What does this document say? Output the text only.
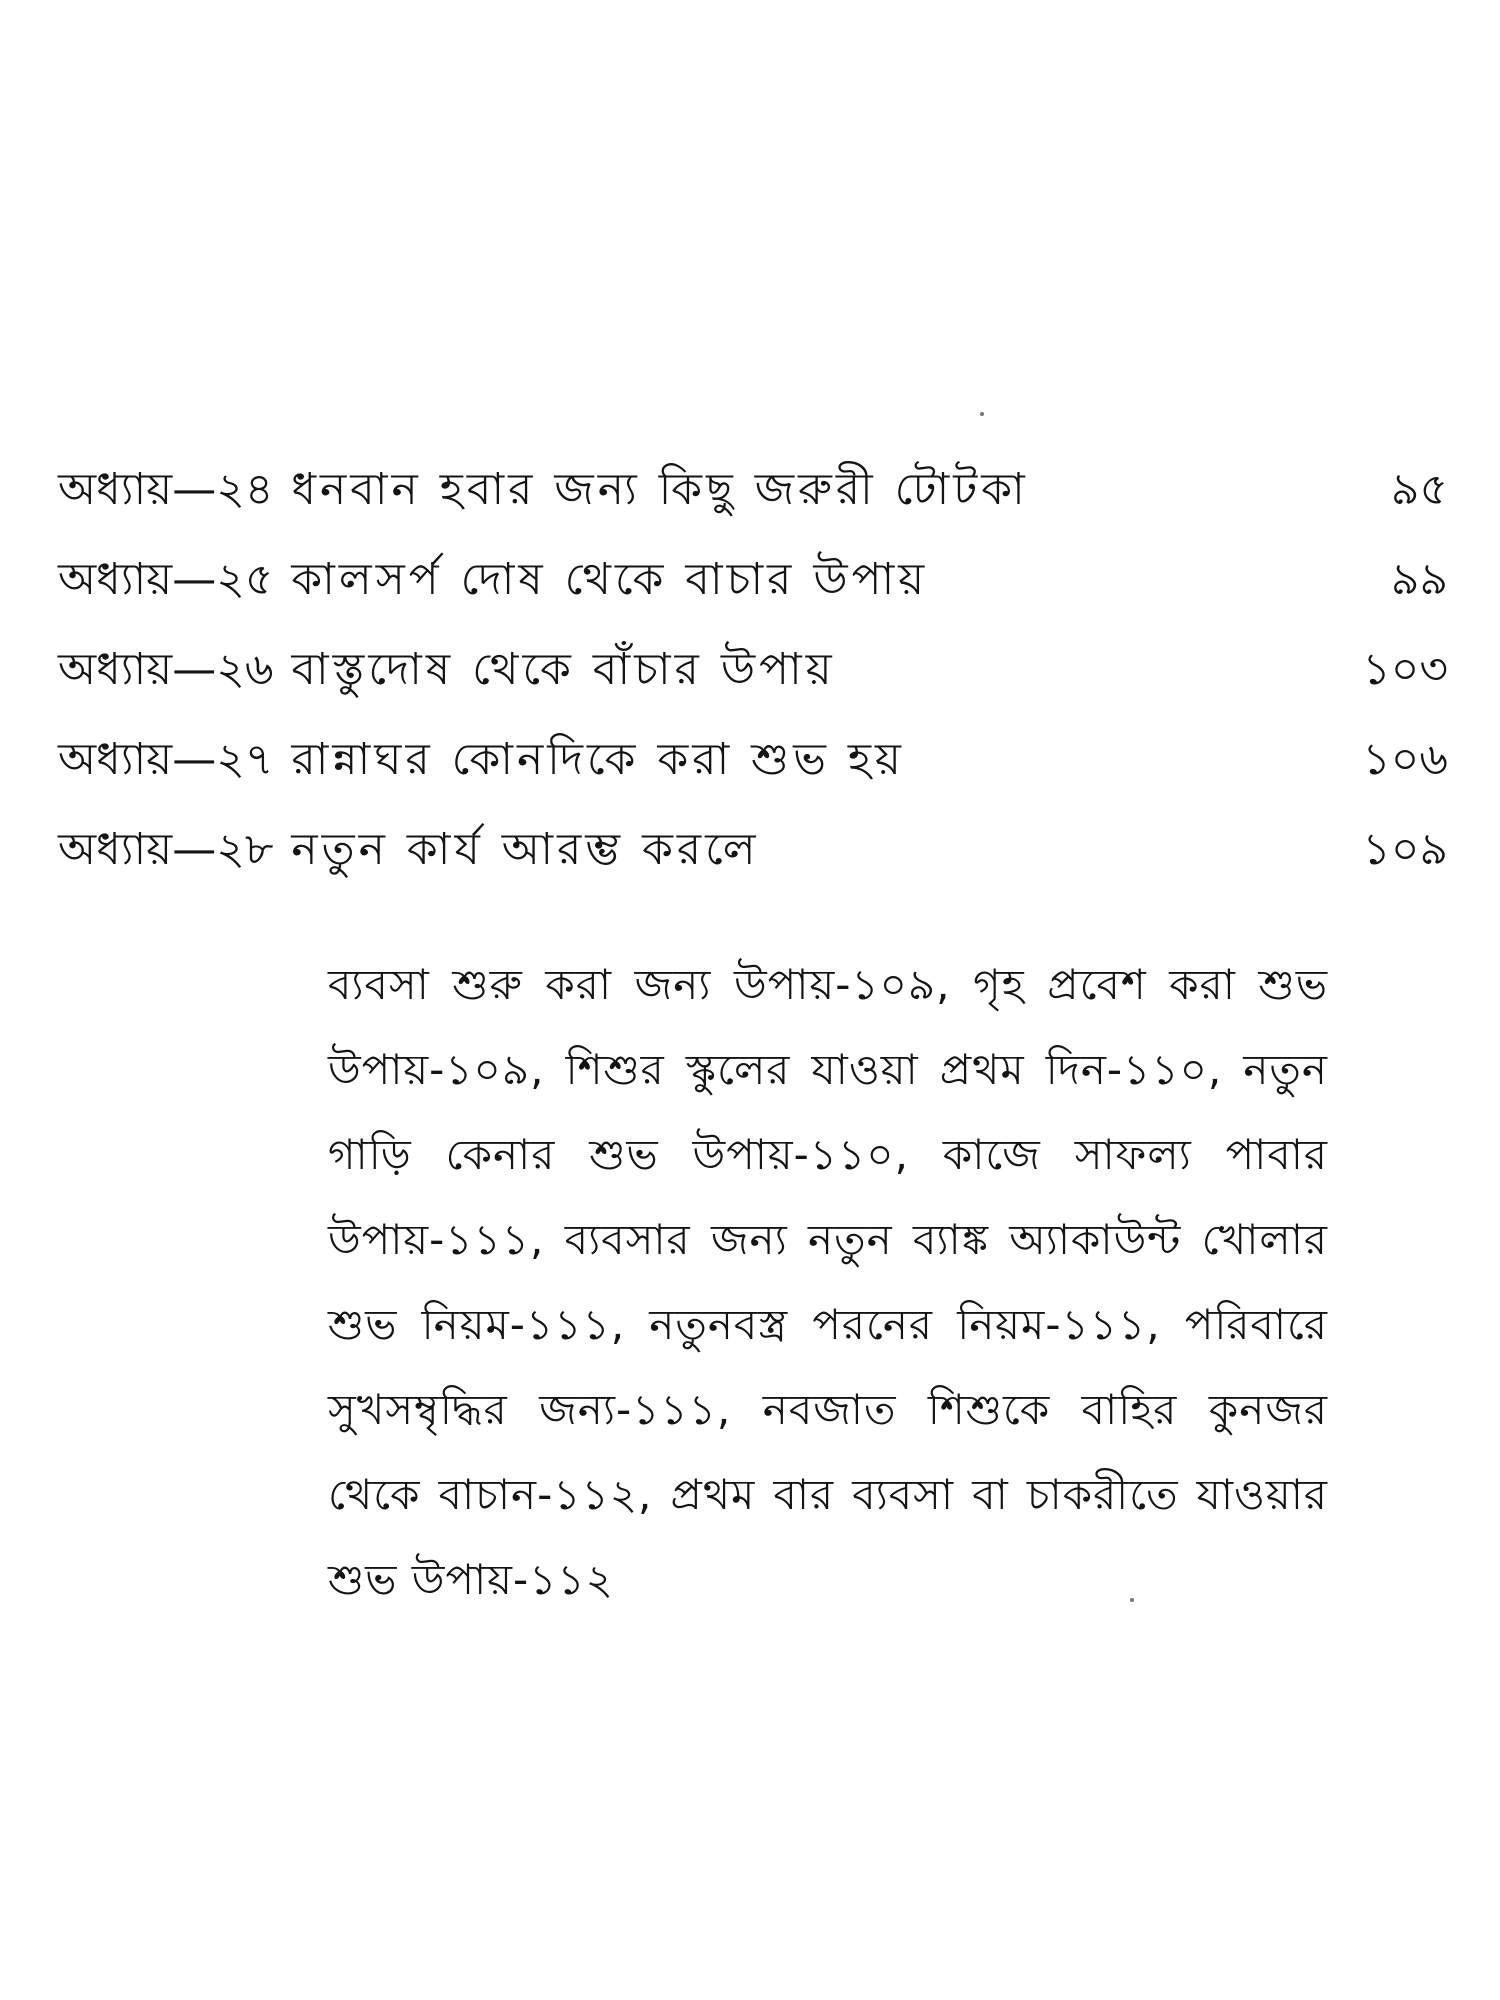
অধ্যায়—২৪ ধনবান হবার জন্য কিছু জরুরী টোটকা	৯৫
অধ্যায়—২৫ কালসর্প দোষ থেকে বাচার উপায়	৯৯
অধ্যায়—২৬ বাস্তুদোষ থেকে বাঁচার উপায়	১০৩
অধ্যায়—২৭ রান্নাঘর কোনদিকে করা শুভ হয়	১০৬
অধ্যায়—২৮ নতুন কার্য আরম্ভ করলে	১০৯

ব্যবসা শুরু করা জন্য উপায়-১০৯, গৃহ প্রবেশ করা শুভ উপায়-১০৯, শিশুর স্কুলের যাওয়া প্রথম দিন-১১০, নতুন গাড়ি কেনার শুভ উপায়-১১০, কাজে সাফল্য পাবার উপায়-১১১, ব্যবসার জন্য নতুন ব্যাঙ্ক অ্যাকাউন্ট খোলার শুভ নিয়ম-১১১, নতুনবস্ত্র পরনের নিয়ম-১১১, পরিবারে সুখসম্বৃদ্ধির জন্য-১১১, নবজাত শিশুকে বাহির কুনজর থেকে বাচান-১১২, প্রথম বার ব্যবসা বা চাকরীতে যাওয়ার শুভ উপায়-১১২
